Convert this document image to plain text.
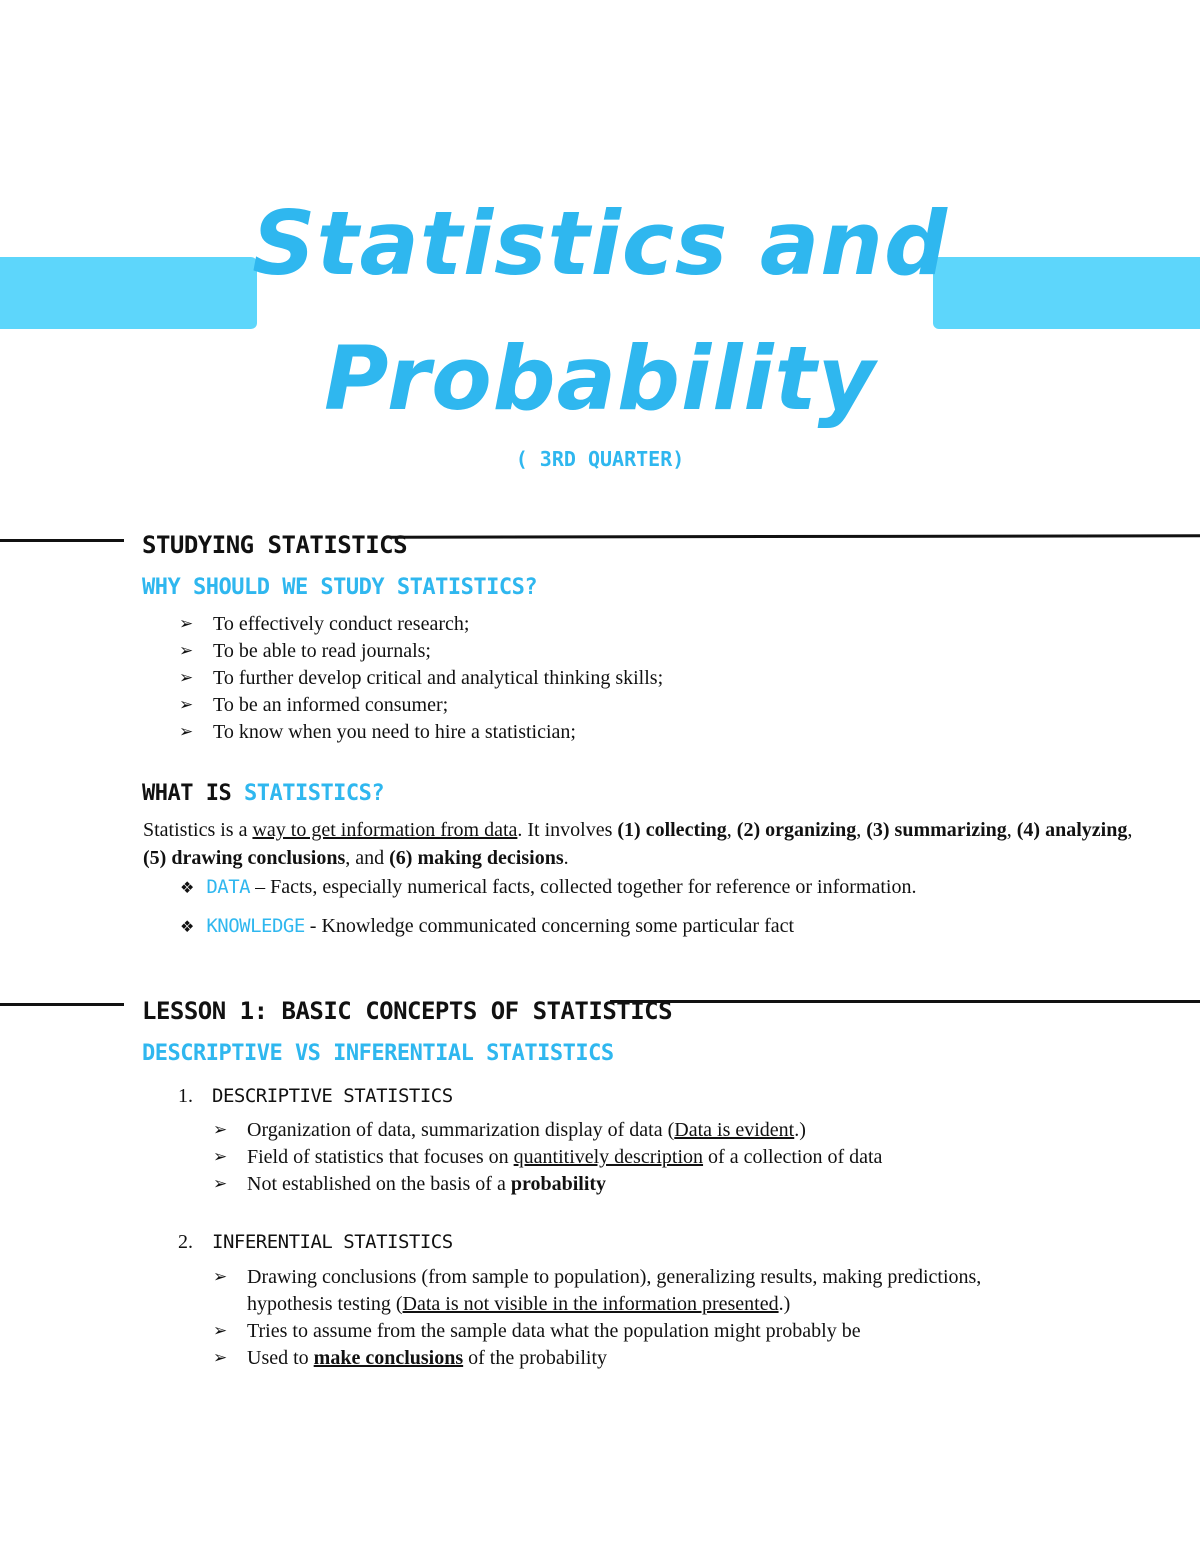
Statistics and
Probability
( 3RD QUARTER)
STUDYING STATISTICS
WHY SHOULD WE STUDY STATISTICS?
➢ To effectively conduct research;
➢ To be able to read journals;
➢ To further develop critical and analytical thinking skills;
➢ To be an informed consumer;
➢ To know when you need to hire a statistician;
WHAT IS STATISTICS?
Statistics is a way to get information from data. It involves (1) collecting, (2) organizing, (3) summarizing, (4) analyzing, (5) drawing conclusions, and (6) making decisions.
❖ DATA – Facts, especially numerical facts, collected together for reference or information.
❖ KNOWLEDGE - Knowledge communicated concerning some particular fact
LESSON 1: BASIC CONCEPTS OF STATISTICS
DESCRIPTIVE VS INFERENTIAL STATISTICS
1. DESCRIPTIVE STATISTICS
➢ Organization of data, summarization display of data (Data is evident.)
➢ Field of statistics that focuses on quantitively description of a collection of data
➢ Not established on the basis of a probability
2. INFERENTIAL STATISTICS
➢ Drawing conclusions (from sample to population), generalizing results, making predictions, hypothesis testing (Data is not visible in the information presented.)
➢ Tries to assume from the sample data what the population might probably be
➢ Used to make conclusions of the probability
